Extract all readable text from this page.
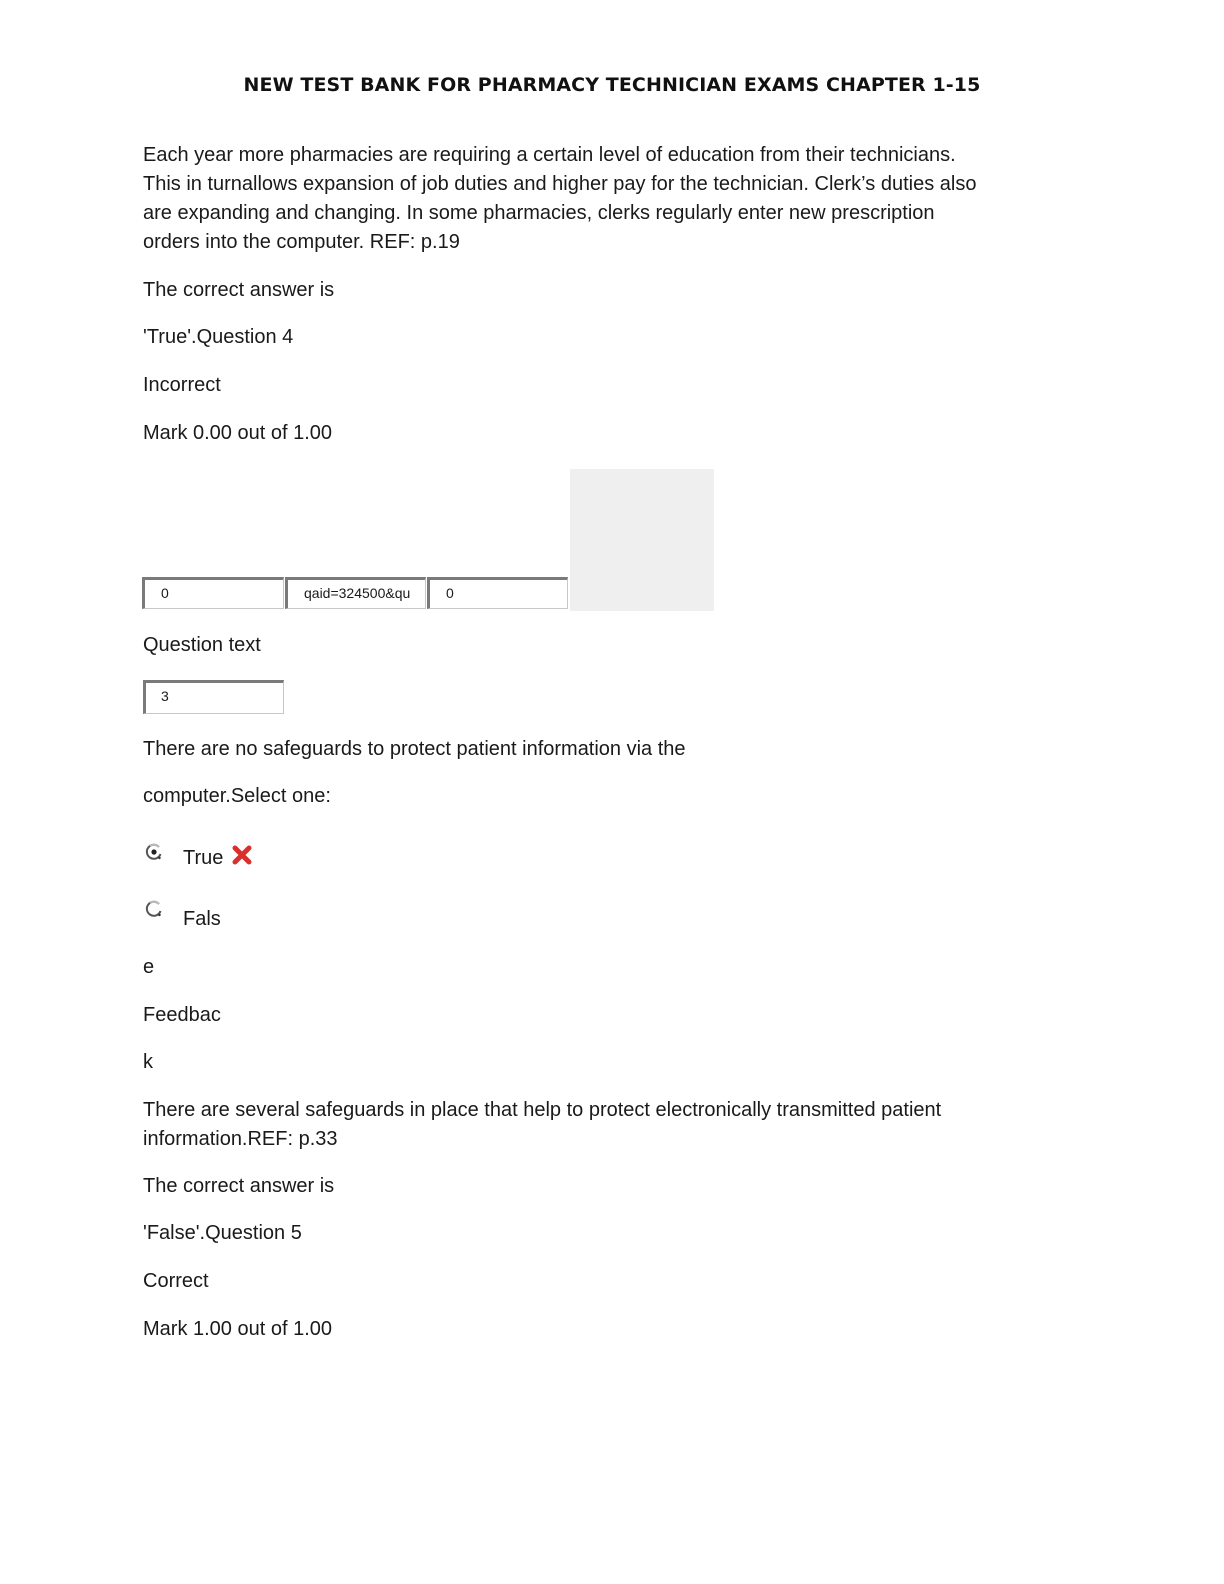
NEW TEST BANK FOR PHARMACY TECHNICIAN EXAMS CHAPTER 1-15
Each year more pharmacies are requiring a certain level of education from their technicians.
This in turnallows expansion of job duties and higher pay for the technician. Clerk’s duties also
are expanding and changing. In some pharmacies, clerks regularly enter new prescription
orders into the computer. REF: p.19
The correct answer is
'True'.Question 4
Incorrect
Mark 0.00 out of 1.00
0	qaid=324500&qu	0
Question text
3
There are no safeguards to protect patient information via the
computer.Select one:
True
Fals
e
Feedbac
k
There are several safeguards in place that help to protect electronically transmitted patient
information.REF: p.33
The correct answer is
'False'.Question 5
Correct
Mark 1.00 out of 1.00
